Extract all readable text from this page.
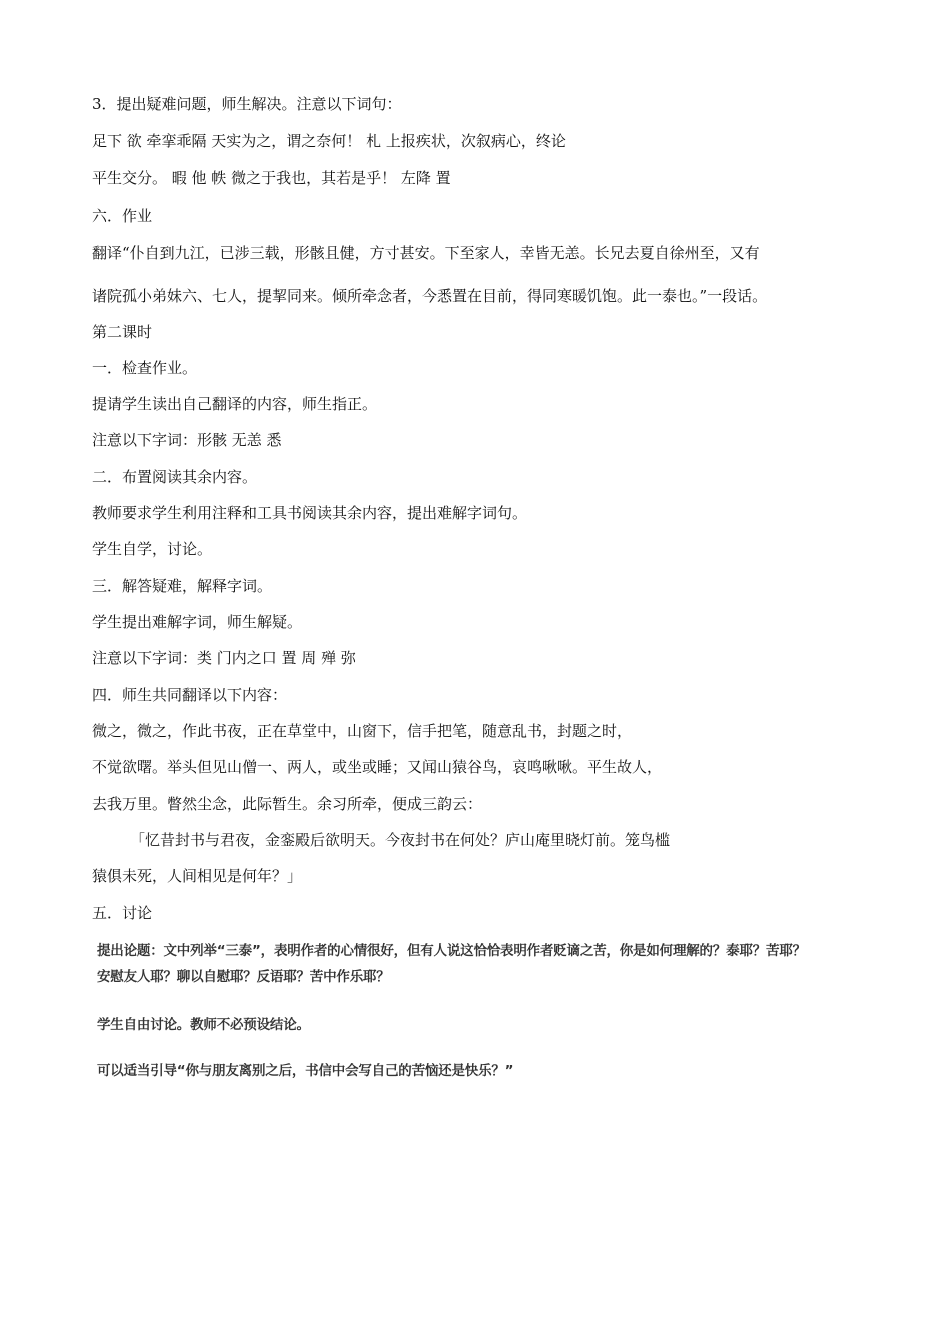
3．提出疑难问题，师生解决。注意以下词句：

足下 欲 牵挛乖隔 天实为之，谓之奈何！ 札 上报疾状，次叙病心，终论

平生交分。 暇 他 帙 微之于我也，其若是乎！ 左降 置

六．作业

翻译“仆自到九江，已涉三载，形骸且健，方寸甚安。下至家人，幸皆无恙。长兄去夏自徐州至，又有

诸院孤小弟妹六、七人，提挈同来。倾所牵念者，今悉置在目前，得同寒暖饥饱。此一泰也。”一段话。

第二课时

一．检查作业。

提请学生读出自己翻译的内容，师生指正。

注意以下字词：形骸 无恙 悉

二．布置阅读其余内容。

教师要求学生利用注释和工具书阅读其余内容，提出难解字词句。

学生自学，讨论。

三．解答疑难，解释字词。

学生提出难解字词，师生解疑。

注意以下字词：类 门内之口 置 周 殚 弥

四．师生共同翻译以下内容：

微之，微之，作此书夜，正在草堂中，山窗下，信手把笔，随意乱书，封题之时，

不觉欲曙。举头但见山僧一、两人，或坐或睡；又闻山猿谷鸟，哀鸣啾啾。平生故人，

去我万里。瞥然尘念，此际暂生。余习所牵，便成三韵云：

「忆昔封书与君夜，金銮殿后欲明天。今夜封书在何处？庐山庵里晓灯前。笼鸟槛

猿俱未死，人间相见是何年？」

五．讨论

提出论题：文中列举“三泰”，表明作者的心情很好，但有人说这恰恰表明作者贬谪之苦，你是如何理解的？泰耶？苦耶？

安慰友人耶？聊以自慰耶？反语耶？苦中作乐耶？

学生自由讨论。教师不必预设结论。

可以适当引导“你与朋友离别之后，书信中会写自己的苦恼还是快乐？”
